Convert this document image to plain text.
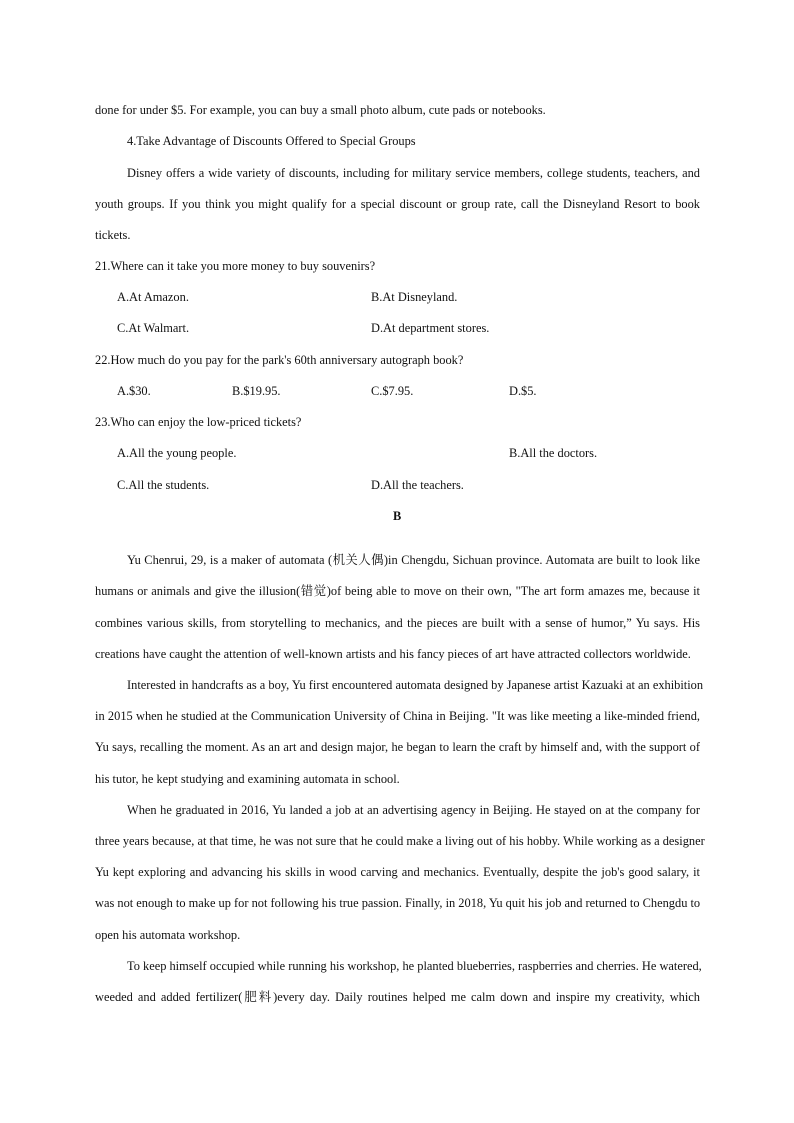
done for under $5. For example, you can buy a small photo album, cute pads or notebooks.
4.Take Advantage of Discounts Offered to Special Groups
Disney offers a wide variety of discounts, including for military service members, college students, teachers, and
youth groups. If you think you might qualify for a special discount or group rate, call the Disneyland Resort to book
tickets.
21.Where can it take you more money to buy souvenirs?
A.At Amazon.	B.At Disneyland.
C.At Walmart.	D.At department stores.
22.How much do you pay for the park's 60th anniversary autograph book?
A.$30.	B.$19.95.	C.$7.95.	D.$5.
23.Who can enjoy the low-priced tickets?
A.All the young people.	B.All the doctors.
C.All the students.	D.All the teachers.
B
Yu Chenrui, 29, is a maker of automata (机关人偶)in Chengdu, Sichuan province. Automata are built to look like
humans or animals and give the illusion(错觉)of being able to move on their own, "The art form amazes me, because it
combines various skills, from storytelling to mechanics, and the pieces are built with a sense of humor,” Yu says. His
creations have caught the attention of well-known artists and his fancy pieces of art have attracted collectors worldwide.
Interested in handcrafts as a boy, Yu first encountered automata designed by Japanese artist Kazuaki at an exhibition
in 2015 when he studied at the Communication University of China in Beijing. "It was like meeting a like-minded friend,
Yu says, recalling the moment. As an art and design major, he began to learn the craft by himself and, with the support of
his tutor, he kept studying and examining automata in school.
When he graduated in 2016, Yu landed a job at an advertising agency in Beijing. He stayed on at the company for
three years because, at that time, he was not sure that he could make a living out of his hobby. While working as a designer
Yu kept exploring and advancing his skills in wood carving and mechanics. Eventually, despite the job's good salary, it
was not enough to make up for not following his true passion. Finally, in 2018, Yu quit his job and returned to Chengdu to
open his automata workshop.
To keep himself occupied while running his workshop, he planted blueberries, raspberries and cherries. He watered,
weeded and added fertilizer(肥料)every day. Daily routines helped me calm down and inspire my creativity, which
